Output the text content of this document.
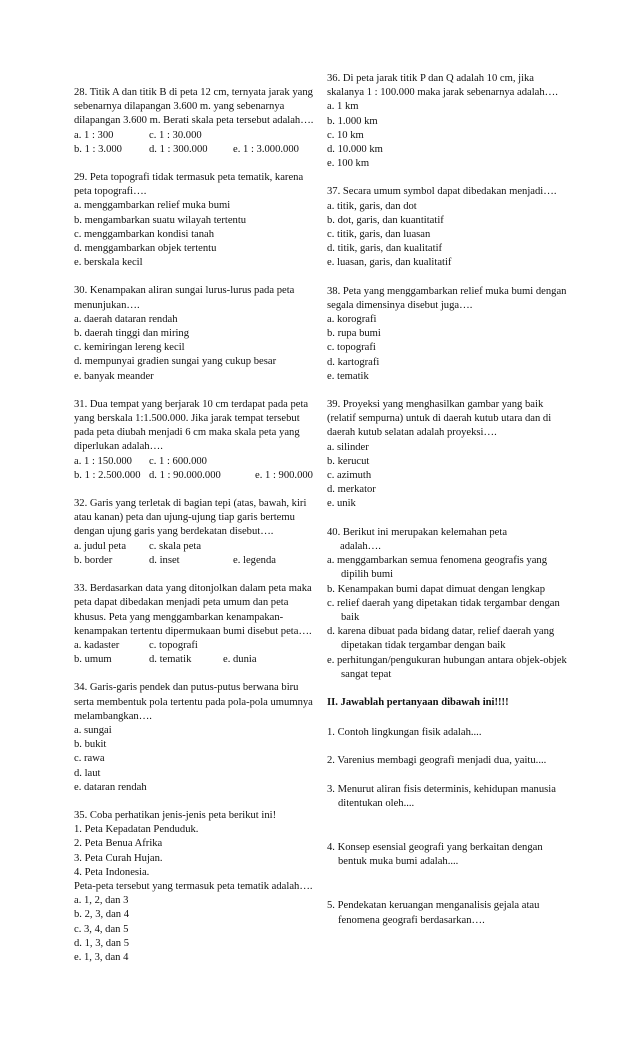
28. Titik A dan titik B di peta 12 cm, ternyata jarak yang sebenarnya dilapangan 3.600 m. yang sebenarnya dilapangan 3.600 m. Berati skala peta tersebut adalah….

a. 1 : 300	c. 1 : 30.000
b. 1 : 3.000	d. 1 : 300.000	e. 1 : 3.000.000

29. Peta topografi tidak termasuk peta tematik, karena peta topografi….

a. menggambarkan relief muka bumi

b. mengambarkan suatu wilayah tertentu

c. menggambarkan kondisi tanah

d. menggambarkan objek tertentu

e. berskala kecil

30. Kenampakan aliran sungai lurus-lurus pada peta menunjukan….

a. daerah dataran rendah

b. daerah tinggi dan miring

c. kemiringan lereng kecil

d. mempunyai gradien sungai yang cukup besar

e. banyak meander

31. Dua tempat yang berjarak 10 cm terdapat pada peta yang berskala 1:1.500.000. Jika jarak tempat tersebut pada peta diubah menjadi 6 cm maka skala peta yang diperlukan adalah….

a. 1 : 150.000	c. 1 : 600.000
b. 1 : 2.500.000 d. 1 : 90.000.000	e. 1 : 900.000

32. Garis yang terletak di bagian tepi (atas, bawah, kiri atau kanan) peta dan ujung-ujung tiap garis bertemu dengan ujung garis yang berdekatan disebut….

a. judul peta	c. skala peta
b. border	d. inset	e. legenda

33. Berdasarkan data yang ditonjolkan dalam peta maka peta dapat dibedakan menjadi peta umum dan peta khusus. Peta yang menggambarkan kenampakan-kenampakan tertentu dipermukaan bumi disebut peta….

a. kadaster	c. topografi
b. umum	d. tematik	e. dunia

34. Garis-garis pendek dan putus-putus berwana biru serta membentuk pola tertentu pada pola-pola umumnya melambangkan….

a. sungai

b. bukit

c. rawa

d. laut

e. dataran rendah

35. Coba perhatikan jenis-jenis peta berikut ini!

1. Peta Kepadatan Penduduk.

2. Peta Benua Afrika

3. Peta Curah Hujan.

4. Peta Indonesia.

Peta-peta tersebut yang termasuk peta tematik adalah….

a. 1, 2, dan 3

b. 2, 3, dan 4

c. 3, 4, dan 5

d. 1, 3, dan 5

e. 1, 3, dan 4

36. Di peta jarak titik P dan Q adalah 10 cm, jika skalanya 1 : 100.000 maka jarak sebenarnya adalah….

a. 1 km

b. 1.000 km

c. 10 km

d. 10.000 km

e. 100 km

37. Secara umum symbol dapat dibedakan menjadi….

a. titik, garis, dan dot

b. dot, garis, dan kuantitatif

c. titik, garis, dan luasan

d. titik, garis, dan kualitatif

e. luasan, garis, dan kualitatif

38. Peta yang menggambarkan relief muka bumi dengan segala dimensinya disebut juga….

a. korografi

b. rupa bumi

c. topografi

d. kartografi

e. tematik

39. Proyeksi yang menghasilkan gambar yang baik (relatif sempurna) untuk di daerah kutub utara dan di daerah kutub selatan adalah proyeksi….

a. silinder

b. kerucut

c. azimuth

d. merkator

e. unik

40. Berikut ini merupakan kelemahan peta

adalah….

a. menggambarkan semua fenomena geografis yang dipilih bumi

b. Kenampakan bumi dapat dimuat dengan lengkap

c. relief daerah yang dipetakan tidak tergambar dengan baik

d. karena dibuat pada bidang datar, relief daerah yang dipetakan tidak tergambar dengan baik

e. perhitungan/pengukuran hubungan antara objek-objek sangat tepat

II. Jawablah pertanyaan dibawah ini!!!!

1. Contoh lingkungan fisik adalah....

2. Varenius membagi geografi menjadi dua, yaitu....

3. Menurut aliran fisis determinis, kehidupan manusia ditentukan oleh....

4. Konsep esensial geografi yang berkaitan dengan bentuk muka bumi adalah....

5. Pendekatan keruangan menganalisis gejala atau fenomena geografi berdasarkan….
